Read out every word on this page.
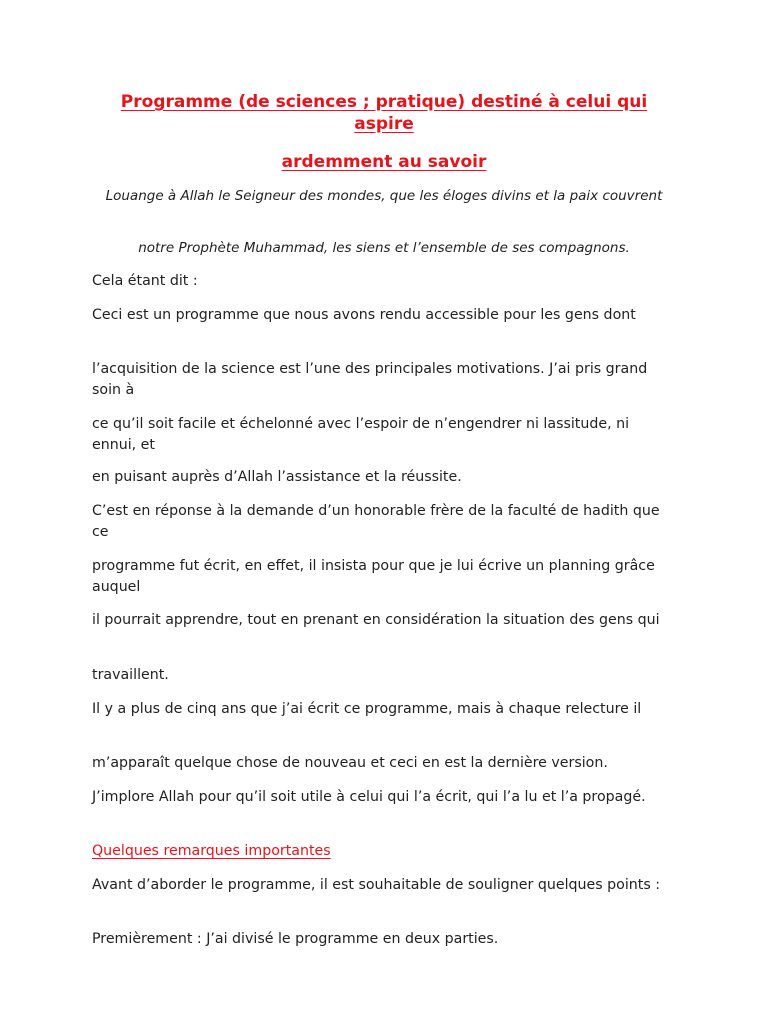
Programme (de sciences ; pratique) destiné à celui qui aspire

ardemment au savoir

Louange à Allah le Seigneur des mondes, que les éloges divins et la paix couvrent

notre Prophète Muhammad, les siens et l’ensemble de ses compagnons.

Cela étant dit :

Ceci est un programme que nous avons rendu accessible pour les gens dont

l’acquisition de la science est l’une des principales motivations. J’ai pris grand soin à

ce qu’il soit facile et échelonné avec l’espoir de n’engendrer ni lassitude, ni ennui, et

en puisant auprès d’Allah l’assistance et la réussite.

C’est en réponse à la demande d’un honorable frère de la faculté de hadith que ce

programme fut écrit, en effet, il insista pour que je lui écrive un planning grâce auquel

il pourrait apprendre, tout en prenant en considération la situation des gens qui

travaillent.

Il y a plus de cinq ans que j’ai écrit ce programme, mais à chaque relecture il

m’apparaît quelque chose de nouveau et ceci en est la dernière version.

J’implore Allah pour qu’il soit utile à celui qui l’a écrit, qui l’a lu et l’a propagé.

Quelques remarques importantes

Avant d’aborder le programme, il est souhaitable de souligner quelques points :

Premièrement : J’ai divisé le programme en deux parties.
